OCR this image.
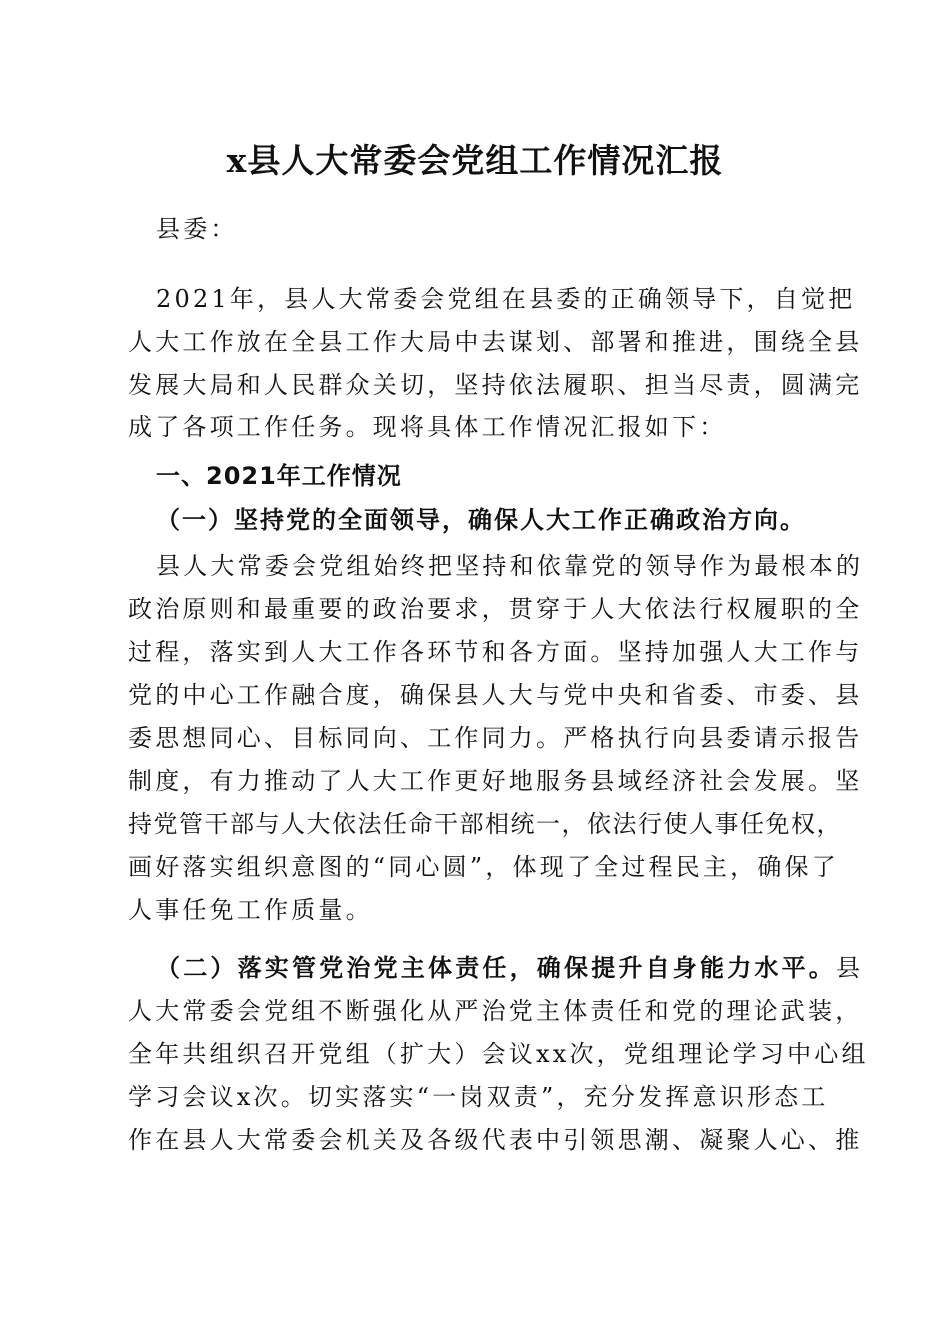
x县人大常委会党组工作情况汇报
县委：
2021年，县人大常委会党组在县委的正确领导下，自觉把
人大工作放在全县工作大局中去谋划、部署和推进，围绕全县
发展大局和人民群众关切，坚持依法履职、担当尽责，圆满完
成了各项工作任务。现将具体工作情况汇报如下：
一、2021年工作情况
（一）坚持党的全面领导，确保人大工作正确政治方向。
县人大常委会党组始终把坚持和依靠党的领导作为最根本的
政治原则和最重要的政治要求，贯穿于人大依法行权履职的全
过程，落实到人大工作各环节和各方面。坚持加强人大工作与
党的中心工作融合度，确保县人大与党中央和省委、市委、县
委思想同心、目标同向、工作同力。严格执行向县委请示报告
制度，有力推动了人大工作更好地服务县域经济社会发展。坚
持党管干部与人大依法任命干部相统一，依法行使人事任免权，
画好落实组织意图的“同心圆”，体现了全过程民主，确保了
人事任免工作质量。
（二）落实管党治党主体责任，确保提升自身能力水平。县
人大常委会党组不断强化从严治党主体责任和党的理论武装，
全年共组织召开党组（扩大）会议xx次，党组理论学习中心组
学习会议x次。切实落实“一岗双责”，充分发挥意识形态工
作在县人大常委会机关及各级代表中引领思潮、凝聚人心、推
